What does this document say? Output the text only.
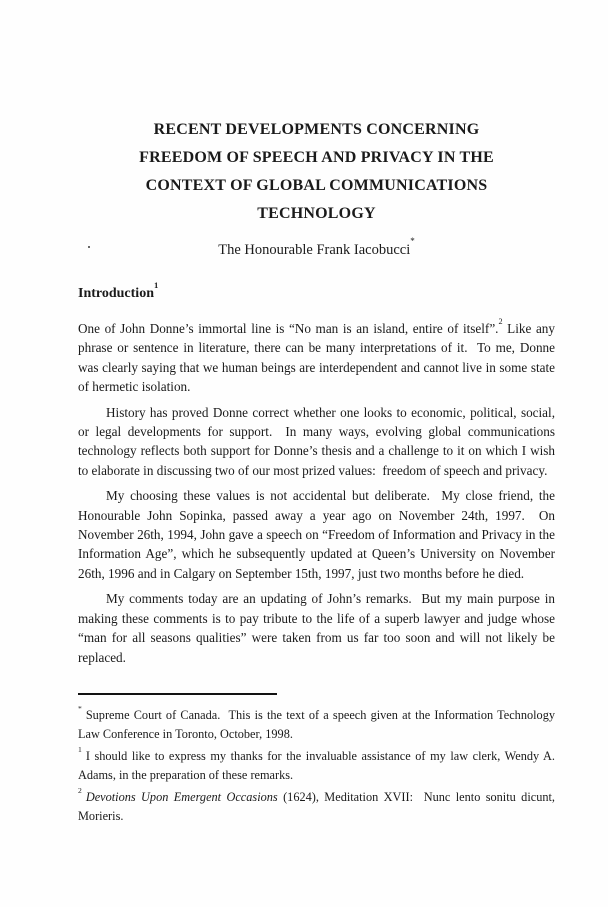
RECENT DEVELOPMENTS CONCERNING
FREEDOM OF SPEECH AND PRIVACY IN THE
CONTEXT OF GLOBAL COMMUNICATIONS
TECHNOLOGY
The Honourable Frank Iacobucci*
Introduction$^1$

One of John Donne’s immortal line is “No man is an island, entire of itself”.$^2$ Like any phrase or sentence in literature, there can be many interpretations of it.  To me, Donne was clearly saying that we human beings are interdependent and cannot live in some state of hermetic isolation.

History has proved Donne correct whether one looks to economic, political, social, or legal developments for support.  In many ways, evolving global communications technology reflects both support for Donne’s thesis and a challenge to it on which I wish to elaborate in discussing two of our most prized values:  freedom of speech and privacy.

My choosing these values is not accidental but deliberate.  My close friend, the Honourable John Sopinka, passed away a year ago on November 24th, 1997.  On November 26th, 1994, John gave a speech on “Freedom of Information and Privacy in the Information Age”, which he subsequently updated at Queen’s University on November 26th, 1996 and in Calgary on September 15th, 1997, just two months before he died.

My comments today are an updating of John’s remarks.  But my main purpose in making these comments is to pay tribute to the life of a superb lawyer and judge whose “man for all seasons qualities” were taken from us far too soon and will not likely be replaced.

* Supreme Court of Canada.  This is the text of a speech given at the Information Technology Law Conference in Toronto, October, 1998.

$^1$ I should like to express my thanks for the invaluable assistance of my law clerk, Wendy A. Adams, in the preparation of these remarks.

$^2$ Devotions Upon Emergent Occasions (1624), Meditation XVII:  Nunc lento sonitu dicunt, Morieris.
